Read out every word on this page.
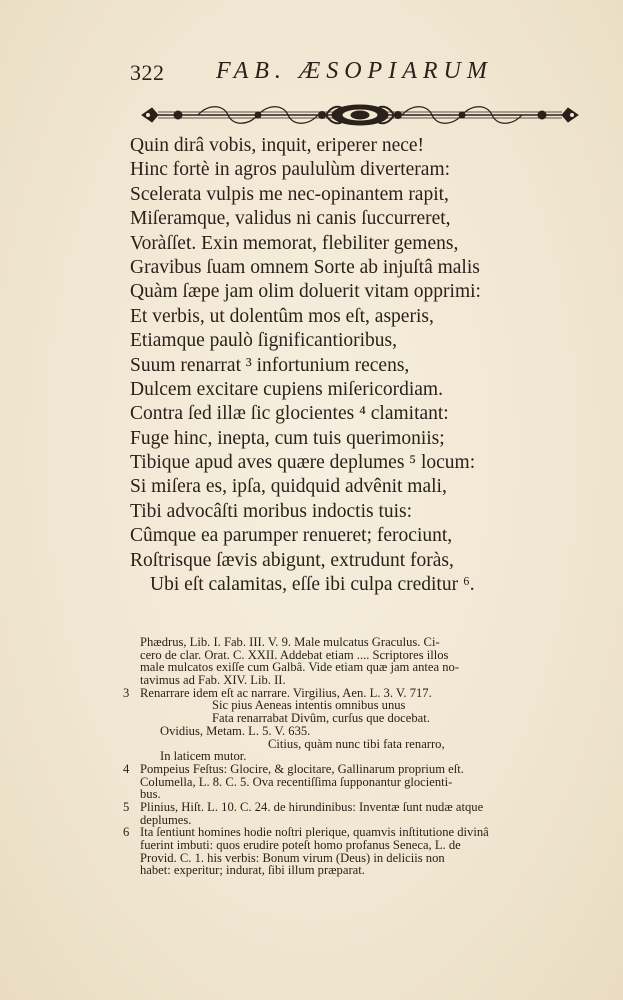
322 FAB. ÆSOPIARUM
Quin dirâ vobis, inquit, eriperer nece!
Hinc fortè in agros paululùm diverteram:
Scelerata vulpis me nec-opinantem rapit,
Miſeramque, validus ni canis ſuccurreret,
Voràſſet. Exin memorat, flebiliter gemens,
Gravibus ſuam omnem Sorte ab injuſtâ malis
Quàm ſæpe jam olim doluerit vitam opprimi:
Et verbis, ut dolentûm mos eſt, asperis,
Etiamque paulò ſignificantioribus,
Suum renarrat ³ infortunium recens,
Dulcem excitare cupiens miſericordiam.
Contra ſed illæ ſic glocientes ⁴ clamitant:
Fuge hinc, inepta, cum tuis querimoniis;
Tibique apud aves quære deplumes ⁵ locum:
Si miſera es, ipſa, quidquid advênit mali,
Tibi advocâſti moribus indoctis tuis:
Cûmque ea parumper renueret; ferociunt,
Roſtrisque ſævis abigunt, extrudunt foràs,
Ubi eſt calamitas, eſſe ibi culpa creditur ⁶.
Phædrus, Lib. I. Fab. III. V. 9. Male mulcatus Graculus. Ci-
cero de clar. Orat. C. XXII. Addebat etiam .... Scriptores illos
male mulcatos exiſſe cum Galbâ. Vide etiam quæ jam antea no-
tavimus ad Fab. XIV. Lib. II.
3 Renarrare idem eſt ac narrare. Virgilius, Aen. L. 3. V. 717.
Sic pius Aeneas intentis omnibus unus
Fata renarrabat Divûm, curſus que docebat.
Ovidius, Metam. L. 5. V. 635.
Citius, quàm nunc tibi fata renarro,
In laticem mutor.
4 Pompeius Feſtus: Glocire, & glocitare, Gallinarum proprium eſt.
Columella, L. 8. C. 5. Ova recentiſſima ſupponantur glocienti-
bus.
5 Plinius, Hiſt. L. 10. C. 24. de hirundinibus: Inventæ ſunt nudæ atque
deplumes.
6 Ita ſentiunt homines hodie noſtri plerique, quamvis inſtitutione divinâ
fuerint imbuti: quos erudire poteſt homo profanus Seneca, L. de
Provid. C. 1. his verbis: Bonum virum (Deus) in deliciis non
habet: experitur; indurat, ſibi illum præparat.
